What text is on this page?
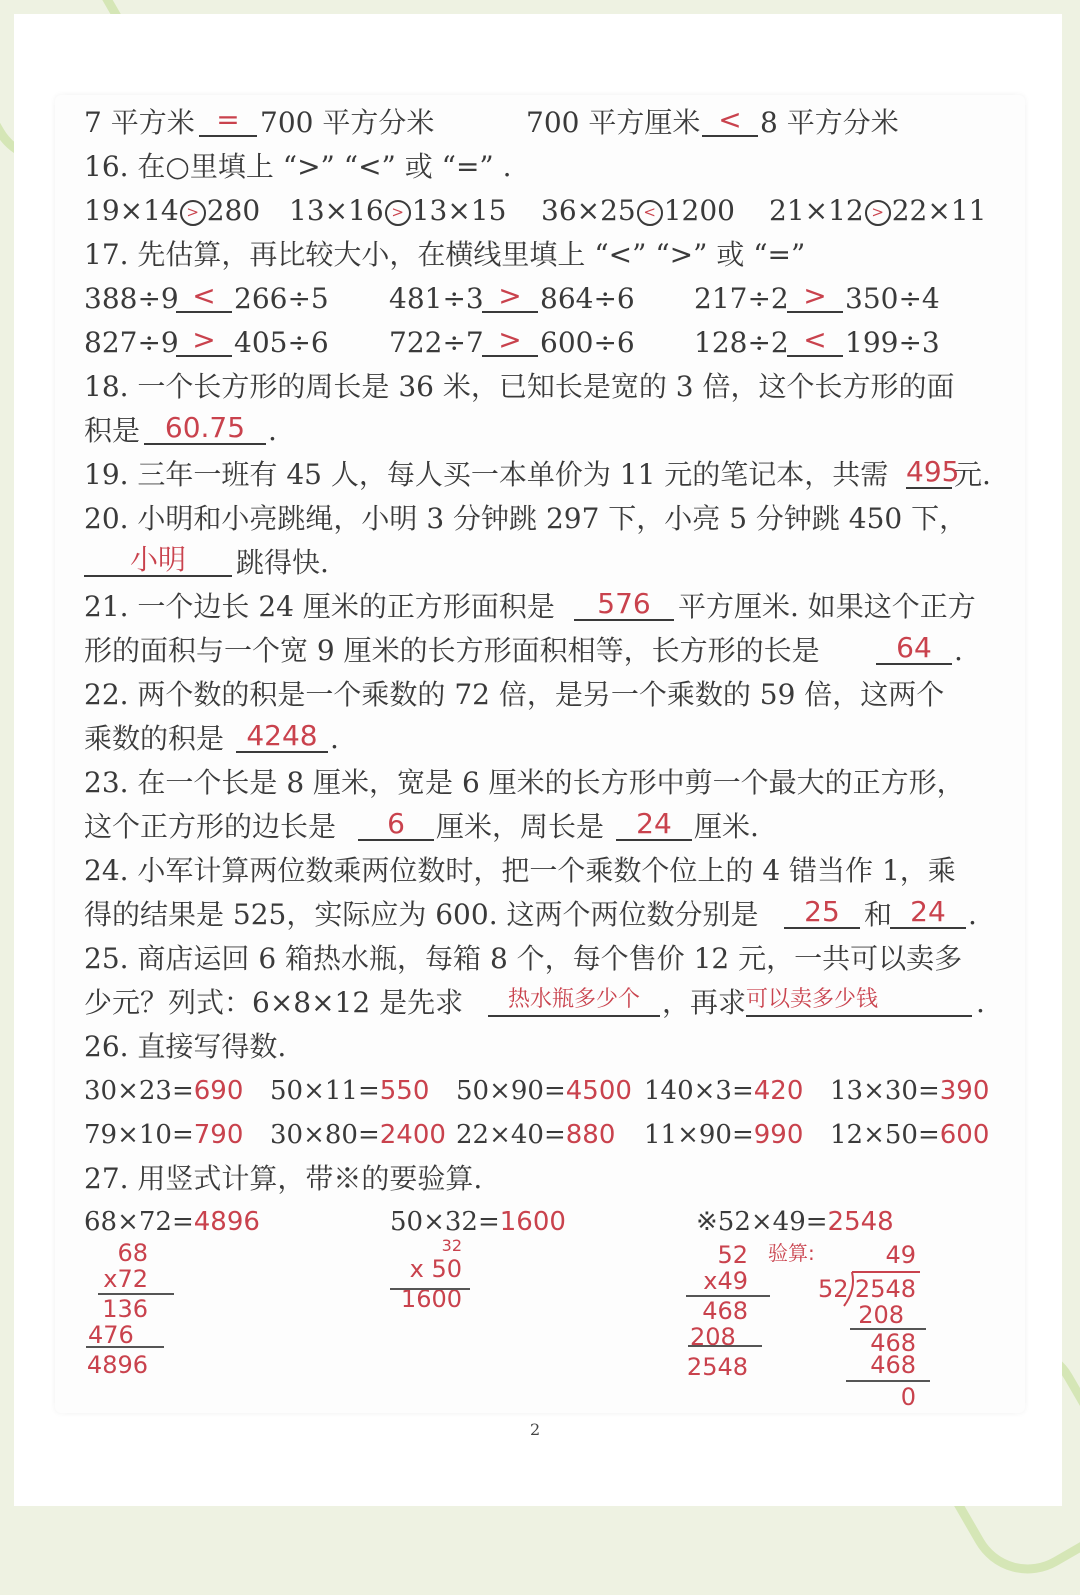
7 平方米 = 700 平方分米	700 平方厘米 < 8 平方分米
16. 在○里填上 “>” “<” 或 “=” .
19×14 > 280 13×16 > 13×15 36×25 < 1200 21×12 > 22×11
17. 先估算，再比较大小，在横线里填上 “<” “>” 或 “=”
388÷9 < 266÷5 481÷3 > 864÷6 217÷2 > 350÷4
827÷9 > 405÷6 722÷7 > 600÷6 128÷2 < 199÷3
18. 一个长方形的周长是 36 米，已知长是宽的 3 倍，这个长方形的面
积是 60.75 .
19. 三年一班有 45 人，每人买一本单价为 11 元的笔记本，共需 495
元.
20. 小明和小亮跳绳，小明 3 分钟跳 297 下，小亮 5 分钟跳 450 下，
小明	跳得快.
21. 一个边长 24 厘米的正方形面积是	576 平方厘米. 如果这个正方
形的面积与一个宽 9 厘米的长方形面积相等，长方形的长是	64 .
22. 两个数的积是一个乘数的 72 倍，是另一个乘数的 59 倍，这两个
乘数的积是 4248 .
23. 在一个长是 8 厘米，宽是 6 厘米的长方形中剪一个最大的正方形，
这个正方形的边长是	6	厘米，周长是	24 厘米.
24. 小军计算两位数乘两位数时，把一个乘数个位上的 4 错当作 1，乘
得的结果是 525，实际应为 600. 这两个两位数分别是	25 和 24 .
25. 商店运回 6 箱热水瓶，每箱 8 个，每个售价 12 元，一共可以卖多
少元？列式：6×8×12 是先求	热水瓶多少个 ，再求 可以卖多少钱	.
26. 直接写得数.
30×23=690 50×11=550 50×90=4500 140×3=420 13×30=390
79×10=790 30×80=2400 22×40=880 11×90=990 12×50=600
27. 用竖式计算，带※的要验算.
68×72=4896	50×32=1600	※52×49=2548
68
x72
136
476
4896
32
x 50
1600
52
x49
468
208
2548
验算:	49
52 2548
208
468
468
0
2
